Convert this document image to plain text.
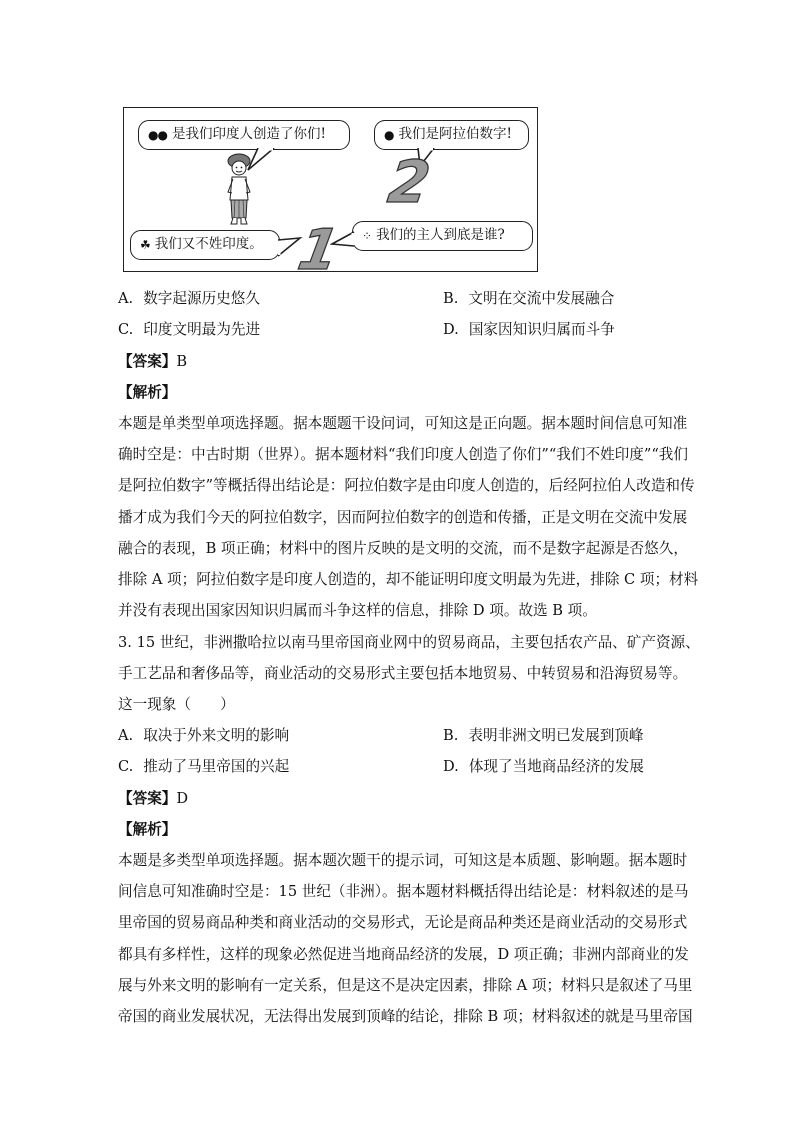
●● 是我们印度人创造了你们!	● 我们是阿拉伯数字!
☘ 我们又不姓印度。
⁘ 我们的主人到底是谁?
2
1
A. 数字起源历史悠久	B. 文明在交流中发展融合
C. 印度文明最为先进	D. 国家因知识归属而斗争
【答案】B
【解析】
本题是单类型单项选择题。据本题题干设问词，可知这是正向题。据本题时间信息可知准
确时空是：中古时期（世界）。据本题材料“我们印度人创造了你们”“我们不姓印度”“我们
是阿拉伯数字”等概括得出结论是：阿拉伯数字是由印度人创造的，后经阿拉伯人改造和传
播才成为我们今天的阿拉伯数字，因而阿拉伯数字的创造和传播，正是文明在交流中发展
融合的表现，B 项正确；材料中的图片反映的是文明的交流，而不是数字起源是否悠久，
排除 A 项；阿拉伯数字是印度人创造的，却不能证明印度文明最为先进，排除 C 项；材料
并没有表现出国家因知识归属而斗争这样的信息，排除 D 项。故选 B 项。
3. 15 世纪，非洲撒哈拉以南马里帝国商业网中的贸易商品，主要包括农产品、矿产资源、
手工艺品和奢侈品等，商业活动的交易形式主要包括本地贸易、中转贸易和沿海贸易等。
这一现象（　　）
A. 取决于外来文明的影响	B. 表明非洲文明已发展到顶峰
C. 推动了马里帝国的兴起	D. 体现了当地商品经济的发展
【答案】D
【解析】
本题是多类型单项选择题。据本题次题干的提示词，可知这是本质题、影响题。据本题时
间信息可知准确时空是：15 世纪（非洲）。据本题材料概括得出结论是：材料叙述的是马
里帝国的贸易商品种类和商业活动的交易形式，无论是商品种类还是商业活动的交易形式
都具有多样性，这样的现象必然促进当地商品经济的发展，D 项正确；非洲内部商业的发
展与外来文明的影响有一定关系，但是这不是决定因素，排除 A 项；材料只是叙述了马里
帝国的商业发展状况，无法得出发展到顶峰的结论，排除 B 项；材料叙述的就是马里帝国
